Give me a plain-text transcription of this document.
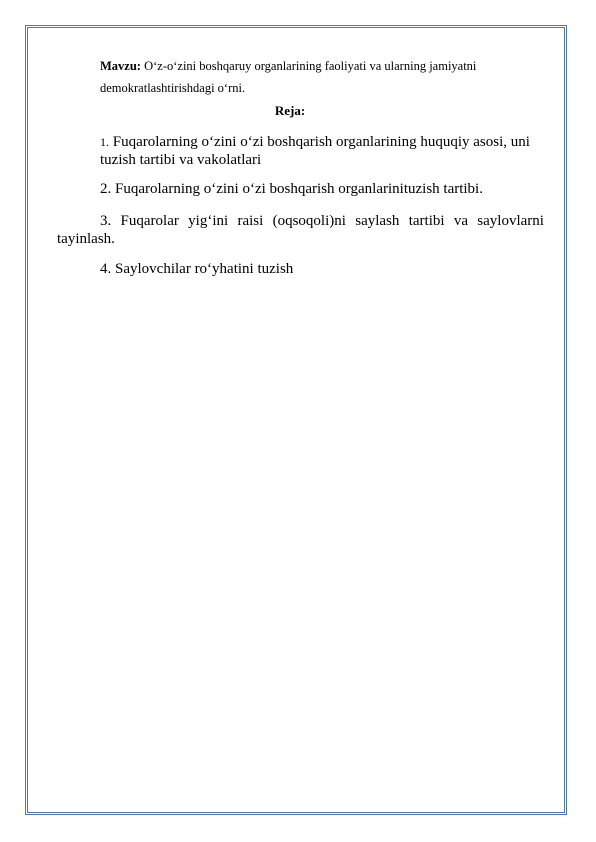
Mavzu: O‘z-o‘zini boshqaruy organlarining faoliyati va ularning jamiyatni demokratlashtirishdagi o‘rni.
Reja:
1. Fuqarolarning o‘zini o‘zi boshqarish organlarining huquqiy asosi, uni tuzish tartibi va vakolatlari
2. Fuqarolarning o‘zini o‘zi boshqarish organlarinituzish tartibi.
3. Fuqarolar yig‘ini raisi (oqsoqoli)ni saylash tartibi va saylovlarni
tayinlash.
4. Saylovchilar ro‘yhatini tuzish
